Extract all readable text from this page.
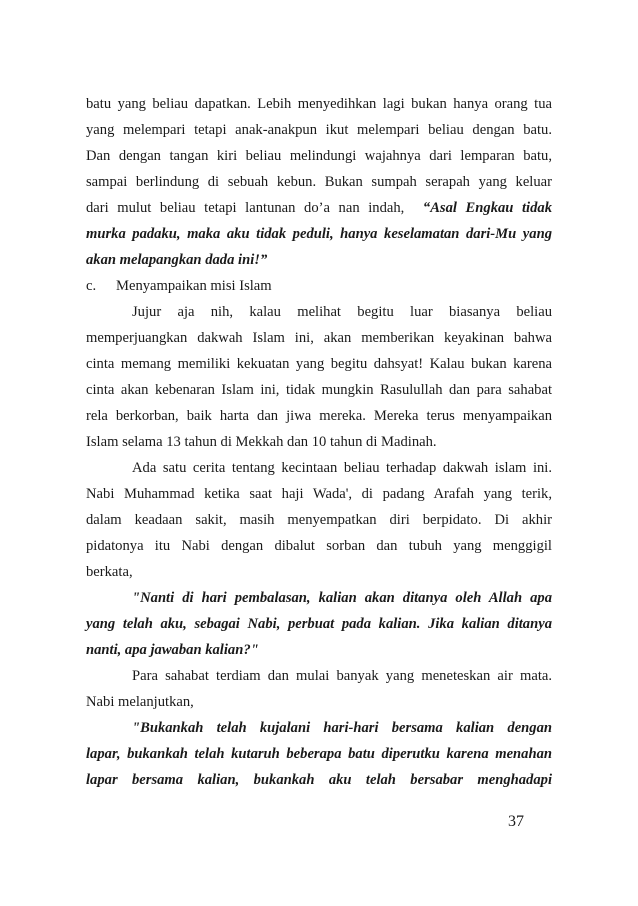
batu yang beliau dapatkan. Lebih menyedihkan lagi bukan hanya orang tua
yang melempari tetapi anak-anakpun ikut melempari beliau dengan batu.
Dan dengan tangan kiri beliau melindungi wajahnya dari lemparan batu,
sampai berlindung di sebuah kebun. Bukan sumpah serapah yang keluar
dari mulut beliau tetapi lantunan do’a nan indah, “Asal Engkau tidak
murka padaku, maka aku tidak peduli, hanya keselamatan dari-Mu yang
akan melapangkan dada ini!”
c. Menyampaikan misi Islam
Jujur aja nih, kalau melihat begitu luar biasanya beliau
memperjuangkan dakwah Islam ini, akan memberikan keyakinan bahwa
cinta memang memiliki kekuatan yang begitu dahsyat! Kalau bukan karena
cinta akan kebenaran Islam ini, tidak mungkin Rasulullah dan para sahabat
rela berkorban, baik harta dan jiwa mereka. Mereka terus menyampaikan
Islam selama 13 tahun di Mekkah dan 10 tahun di Madinah.
Ada satu cerita tentang kecintaan beliau terhadap dakwah islam ini.
Nabi Muhammad ketika saat haji Wada', di padang Arafah yang terik,
dalam keadaan sakit, masih menyempatkan diri berpidato. Di akhir
pidatonya itu Nabi dengan dibalut sorban dan tubuh yang menggigil
berkata,
"Nanti di hari pembalasan, kalian akan ditanya oleh Allah apa
yang telah aku, sebagai Nabi, perbuat pada kalian. Jika kalian ditanya
nanti, apa jawaban kalian?"
Para sahabat terdiam dan mulai banyak yang meneteskan air mata.
Nabi melanjutkan,
"Bukankah telah kujalani hari-hari bersama kalian dengan
lapar, bukankah telah kutaruh beberapa batu diperutku karena menahan
lapar bersama kalian, bukankah aku telah bersabar menghadapi
37
